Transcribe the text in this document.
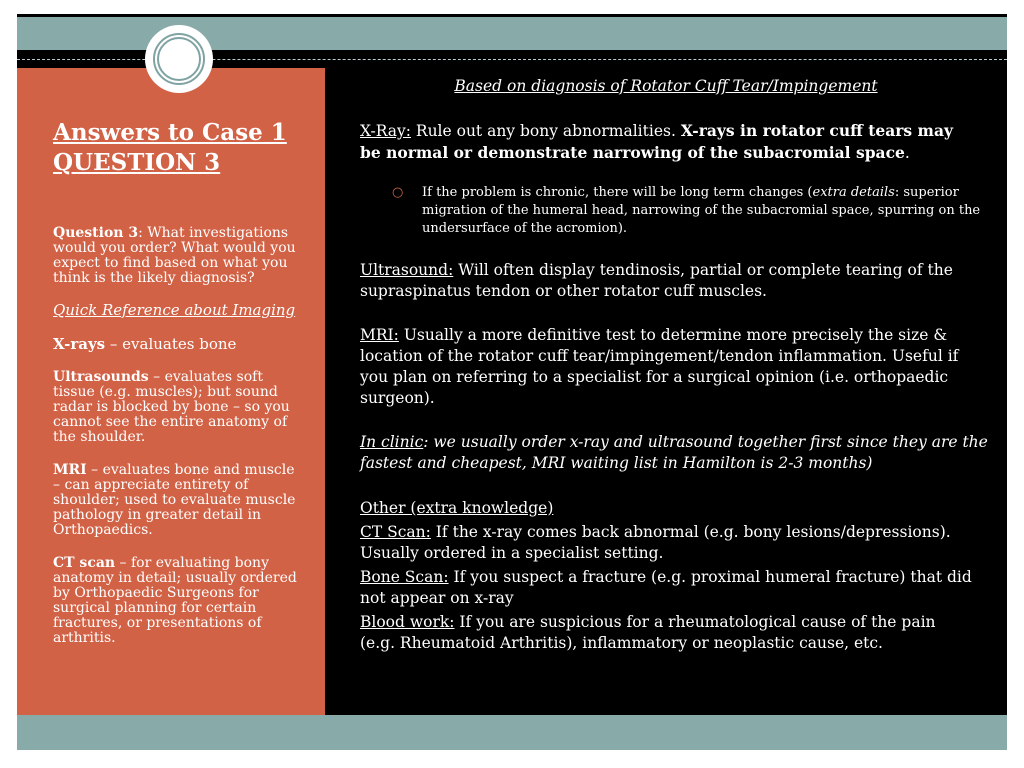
Answers to Case 1
QUESTION 3
Question 3: What investigations would you order? What would you expect to find based on what you think is the likely diagnosis?
Quick Reference about Imaging
X-rays – evaluates bone
Ultrasounds – evaluates soft tissue (e.g. muscles); but sound radar is blocked by bone – so you cannot see the entire anatomy of the shoulder.
MRI – evaluates bone and muscle – can appreciate entirety of shoulder; used to evaluate muscle pathology in greater detail in Orthopaedics.
CT scan – for evaluating bony anatomy in detail; usually ordered by Orthopaedic Surgeons for surgical planning for certain fractures, or presentations of arthritis.
Based on diagnosis of Rotator Cuff Tear/Impingement
X-Ray: Rule out any bony abnormalities. X-rays in rotator cuff tears may be normal or demonstrate narrowing of the subacromial space.
○ If the problem is chronic, there will be long term changes (extra details: superior migration of the humeral head, narrowing of the subacromial space, spurring on the undersurface of the acromion).
Ultrasound: Will often display tendinosis, partial or complete tearing of the supraspinatus tendon or other rotator cuff muscles.
MRI: Usually a more definitive test to determine more precisely the size & location of the rotator cuff tear/impingement/tendon inflammation. Useful if you plan on referring to a specialist for a surgical opinion (i.e. orthopaedic surgeon).
In clinic: we usually order x-ray and ultrasound together first since they are the fastest and cheapest, MRI waiting list in Hamilton is 2-3 months)
Other (extra knowledge)
CT Scan: If the x-ray comes back abnormal (e.g. bony lesions/depressions). Usually ordered in a specialist setting.
Bone Scan: If you suspect a fracture (e.g. proximal humeral fracture) that did not appear on x-ray
Blood work: If you are suspicious for a rheumatological cause of the pain (e.g. Rheumatoid Arthritis), inflammatory or neoplastic cause, etc.
